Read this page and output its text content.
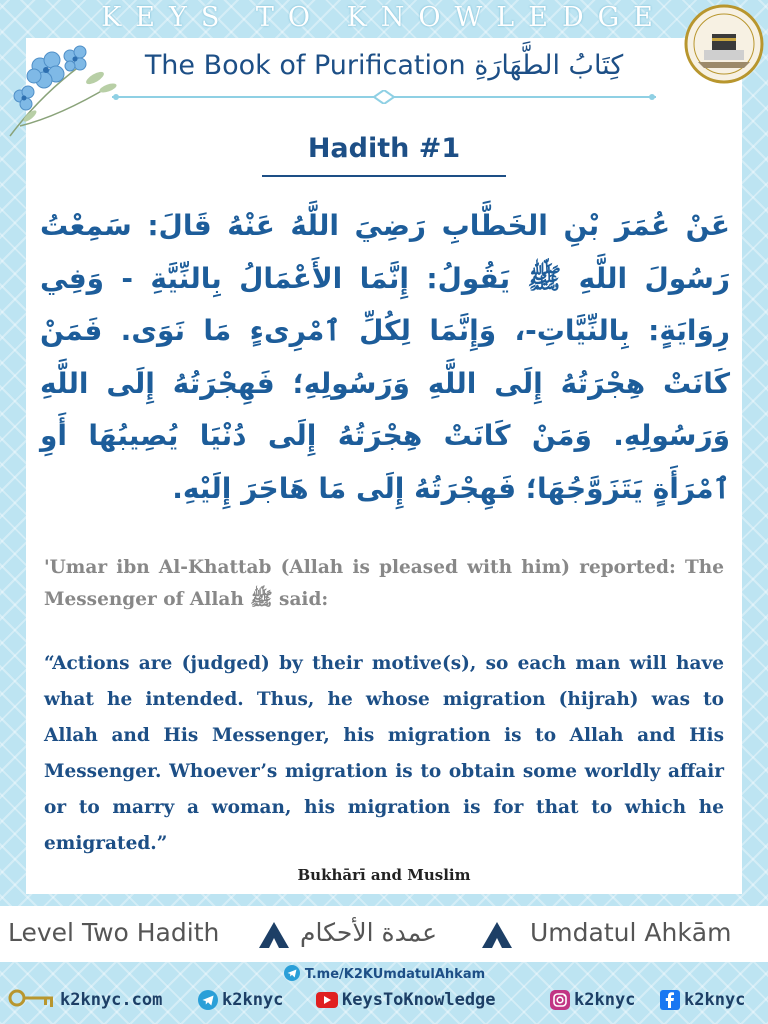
KEYS TO KNOWLEDGE
The Book of Purification كِتَابُ الطَّهَارَةِ
Hadith #1
عَنْ عُمَرَ بْنِ الخَطَّابِ رَضِيَ اللَّهُ عَنْهُ قَالَ: سَمِعْتُ رَسُولَ اللَّهِ ﷺ يَقُولُ: إِنَّمَا الأَعْمَالُ بِالنِّيَّةِ - وَفِي رِوَايَةٍ: بِالنِّيَّاتِ-، وَإِنَّمَا لِكُلِّ ٱمْرِىءٍ مَا نَوَى. فَمَنْ كَانَتْ هِجْرَتُهُ إِلَى اللَّهِ وَرَسُولِهِ؛ فَهِجْرَتُهُ إِلَى اللَّهِ وَرَسُولِهِ. وَمَنْ كَانَتْ هِجْرَتُهُ إِلَى دُنْيَا يُصِيبُهَا أَوِ ٱمْرَأَةٍ يَتَزَوَّجُهَا؛ فَهِجْرَتُهُ إِلَى مَا هَاجَرَ إِلَيْهِ.
'Umar ibn Al-Khattab (Allah is pleased with him) reported: The Messenger of Allah ﷺ said:
“Actions are (judged) by their motive(s), so each man will have what he intended. Thus, he whose migration (hijrah) was to Allah and His Messenger, his migration is to Allah and His Messenger. Whoever’s migration is to obtain some worldly affair or to marry a woman, his migration is for that to which he emigrated.”
Bukhārī and Muslim
Level Two Hadith	عمدة الأحكام	Umdatul Ahkām
T.me/K2KUmdatulAhkam
k2knyc.com	k2knyc	KeysToKnowledge	k2knyc	k2knyc
